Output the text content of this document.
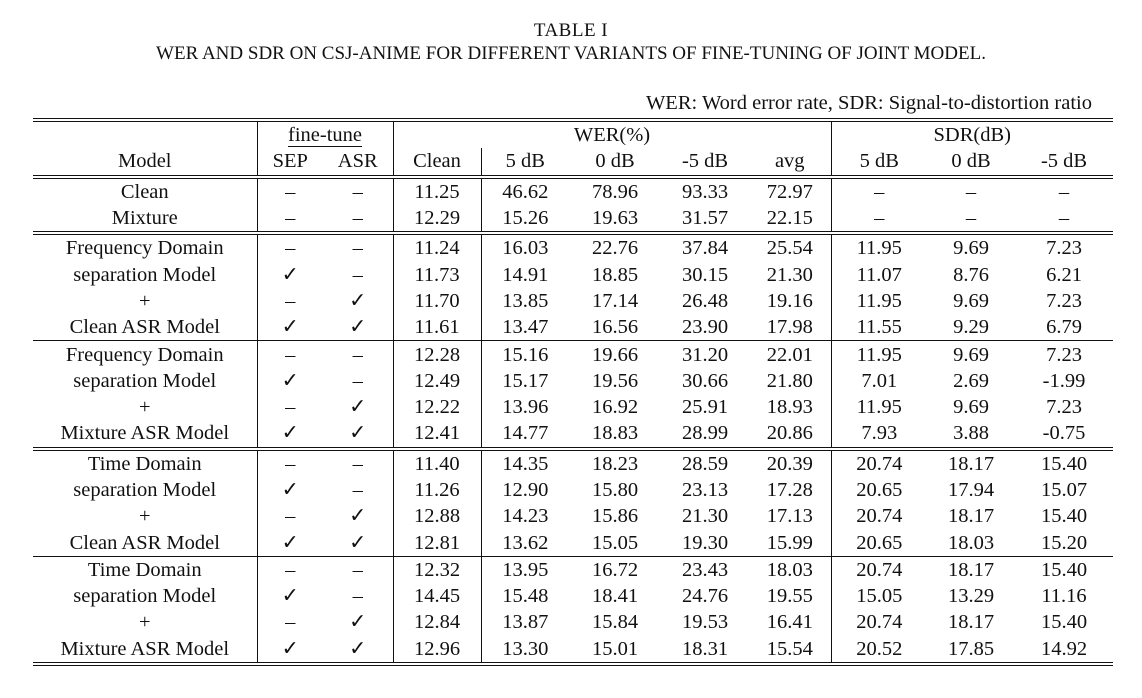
TABLE I
WER AND SDR ON CSJ-ANIME FOR DIFFERENT VARIANTS OF FINE-TUNING OF JOINT MODEL.
WER: Word error rate, SDR: Signal-to-distortion ratio
	fine-tune		WER(%)					SDR(dB)		
Model	SEP	ASR	Clean	5 dB	0 dB	-5 dB	avg	5 dB	0 dB	-5 dB
Clean	–	–	11.25	46.62	78.96	93.33	72.97	–	–	–
Mixture	–	–	12.29	15.26	19.63	31.57	22.15	–	–	–
Frequency Domain	–	–	11.24	16.03	22.76	37.84	25.54	11.95	9.69	7.23
separation Model	✓	–	11.73	14.91	18.85	30.15	21.30	11.07	8.76	6.21
+	–	✓	11.70	13.85	17.14	26.48	19.16	11.95	9.69	7.23
Clean ASR Model	✓	✓	11.61	13.47	16.56	23.90	17.98	11.55	9.29	6.79
Frequency Domain	–	–	12.28	15.16	19.66	31.20	22.01	11.95	9.69	7.23
separation Model	✓	–	12.49	15.17	19.56	30.66	21.80	7.01	2.69	-1.99
+	–	✓	12.22	13.96	16.92	25.91	18.93	11.95	9.69	7.23
Mixture ASR Model	✓	✓	12.41	14.77	18.83	28.99	20.86	7.93	3.88	-0.75
Time Domain	–	–	11.40	14.35	18.23	28.59	20.39	20.74	18.17	15.40
separation Model	✓	–	11.26	12.90	15.80	23.13	17.28	20.65	17.94	15.07
+	–	✓	12.88	14.23	15.86	21.30	17.13	20.74	18.17	15.40
Clean ASR Model	✓	✓	12.81	13.62	15.05	19.30	15.99	20.65	18.03	15.20
Time Domain	–	–	12.32	13.95	16.72	23.43	18.03	20.74	18.17	15.40
separation Model	✓	–	14.45	15.48	18.41	24.76	19.55	15.05	13.29	11.16
+	–	✓	12.84	13.87	15.84	19.53	16.41	20.74	18.17	15.40
Mixture ASR Model	✓	✓	12.96	13.30	15.01	18.31	15.54	20.52	17.85	14.92
